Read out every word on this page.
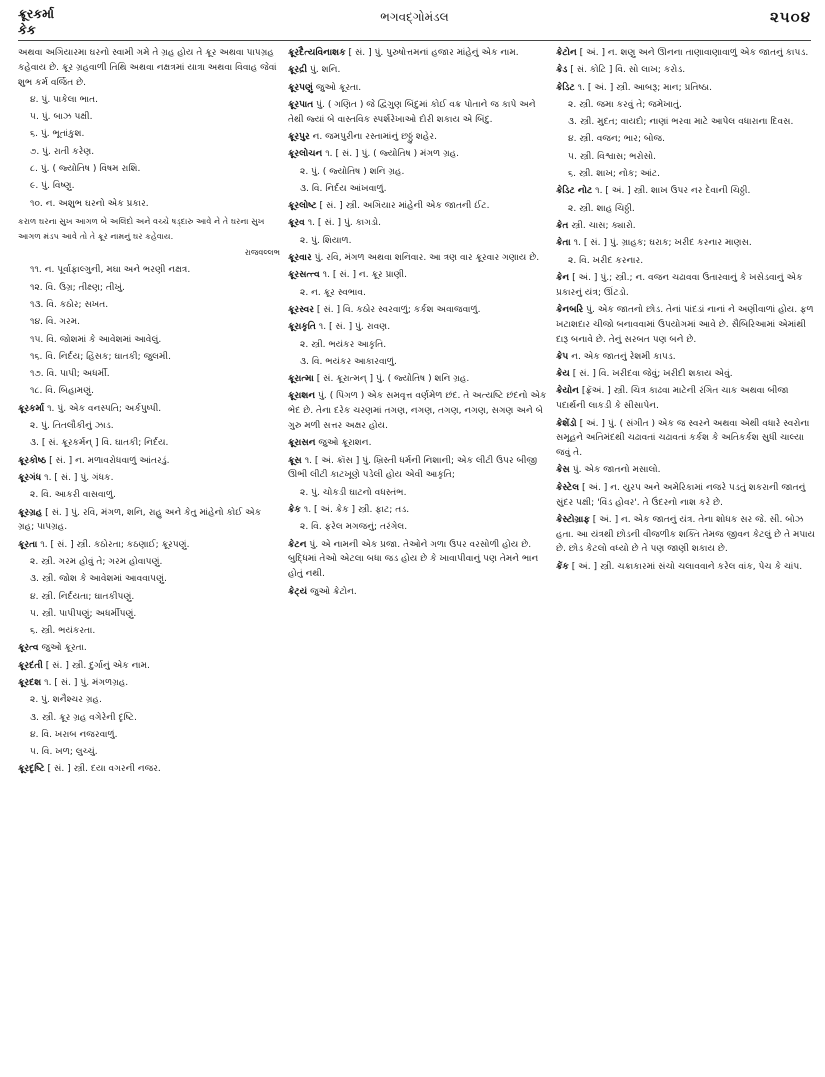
ક્રૂરકર્મા
કેક
ભગવદ્ગોમંડલ	૨૫૦૪

અથવા અગિયારમા ઘરનો સ્વામી ગમે તે ગ્રહ હોય તે ક્રૂર અથવા પાપગ્રહ કહેવાય છે. ક્રૂર ગ્રહવાળી તિથિ અથવા નક્ષત્રમાં યાત્રા અથવા વિવાહ જેવાં શુભ કર્મ વર્જિત છે.

૪. પું. પાકેલા ભાત.

૫. પું. બાઝ પક્ષી.

૬. પું. ભૂતાંકુશ.

૭. પું. રાતી કરેણ.

૮. પું. ( જ્યોતિષ ) વિષમ રાશિ.

૯. પું. વિષ્ણુ.

૧૦. ન. અશુભ ઘરનો એક પ્રકાર.

કરાળ ઘરના સુખ આગળ બે અલિંદો અને વચ્ચે ષડ્દારુ આવે ને તે ઘરના સુખ આગળ મંડપ આવે તો તે ક્રૂર નામનું ઘર કહેવાય.

રાજવલ્લભ

૧૧. ન. પૂર્વાફાલ્ગુની, મઘા અને ભરણી નક્ષત્ર.

૧૨. વિ. ઉગ્ર; તીક્ષ્ણ; તીખું.

૧૩. વિ. કઠોર; સખત.

૧૪. વિ. ગરમ.

૧૫. વિ. જોશમાં કે આવેશમાં આવેલું.

૧૬. વિ. નિર્દય; હિંસક; ઘાતકી; જુલમી.

૧૭. વિ. પાપી; અધર્મી.

૧૮. વિ. બિહામણું.

ક્રૂરકર્મા ૧. પું. એક વનસ્પતિ; અર્કપુષ્પી.

૨. પું. તિતલૌકીનું ઝાડ.

૩. [ સં. ક્રૂરકર્મન્ ] વિ. ઘાતકી; નિર્દય.

ક્રૂરકોષ્ઠ [ સં. ] ન. મળાવરોધવાળું આંતરડું.

ક્રૂરગંધ ૧. [ સં. ] પું. ગંધક.

૨. વિ. આકરી વાસવાળું.

ક્રૂરગ્રહ [ સં. ] પું. રવિ, મંગળ, શનિ, રાહુ અને કેતુ માંહેનો કોઈ એક ગ્રહ; પાપગ્રહ.

ક્રૂરતા ૧. [ સં. ] સ્ત્રી. કઠોરતા; કઠણાઈ; ક્રૂરપણું.

૨. સ્ત્રી. ગરમ હોવું તે; ગરમ હોવાપણું.

૩. સ્ત્રી. જોશ કે આવેશમાં આવવાપણું.

૪. સ્ત્રી. નિર્દયતા; ઘાતકીપણું.

૫. સ્ત્રી. પાપીપણું; અધર્મીપણું.

૬. સ્ત્રી. ભયંકરતા.

ક્રૂરત્વ જુઓ ક્રૂરતા.

ક્રૂરદંતી [ સં. ] સ્ત્રી. દુર્ગાનું એક નામ.

ક્રૂરદશ ૧. [ સં. ] પું. મંગળગ્રહ.

૨. પું. શનૈશ્ચર ગ્રહ.

૩. સ્ત્રી. ક્રૂર ગ્રહ વગેરેની દૃષ્ટિ.

૪. વિ. ખરાબ નજરવાળું.

૫. વિ. ખળ; લુચ્ચું.

ક્રૂરદૃષ્ટિ [ સં. ] સ્ત્રી. દયા વગરની નજર.

ક્રૂરદૈત્યવિનાશક [ સં. ] પું. પુરુષોત્તમનાં હજાર માંહેનું એક નામ.

ક્રૂરદ્રી પું. શનિ.

ક્રૂરપણું જુઓ ક્રૂરતા.

ક્રૂરપાત પું. ( ગણિત ) જે દ્વિગુણ બિંદુમાં કોઈ વક્ર પોતાને જ કાપે અને તેથી જ્યાં બે વાસ્તવિક સ્પર્શરેખાઓ દોરી શકાય એ બિંદુ.

ક્રૂરપુર ન. જમપુરીના રસ્તામાંનું છઠ્ઠું શહેર.

ક્રૂરલોચન ૧. [ સં. ] પું. ( જ્યોતિષ ) મંગળ ગ્રહ.

૨. પું. ( જ્યોતિષ ) શનિ ગ્રહ.

૩. વિ. નિર્દય આંખવાળું.

ક્રૂરલોષ્ટ [ સં. ] સ્ત્રી. અગિયાર માંહેની એક જાતની ઈંટ.

ક્રૂરવ ૧. [ સં. ] પું. કાગડો.

૨. પું. શિયાળ.

ક્રૂરવાર પું. રવિ, મંગળ અથવા શનિવાર. આ ત્રણ વાર ક્રૂરવાર ગણાય છે.

ક્રૂરસત્ત્વ ૧. [ સં. ] ન. ક્રૂર પ્રાણી.

૨. ન. ક્રૂર સ્વભાવ.

ક્રૂરસ્વર [ સં. ] વિ. કઠોર સ્વરવાળું; કર્કશ અવાજવાળું.

ક્રૂરાકૃતિ ૧. [ સં. ] પું. રાવણ.

૨. સ્ત્રી. ભયંકર આકૃતિ.

૩. વિ. ભયંકર આકારવાળું.

ક્રૂરાત્મા [ સં. ક્રૂરાત્મન્ ] પું. ( જ્યોતિષ ) શનિ ગ્રહ.

ક્રૂરાશન પું. ( પિંગળ ) એક સમવૃત્ત વર્ણમેળ છંદ. તે અત્યષ્ટિ છંદનો એક ભેદ છે. તેના દરેક ચરણમાં તગણ, નગણ, તગણ, નગણ, સગણ અને બે ગુરુ મળી સત્તર અક્ષર હોય.

ક્રૂરાસન જુઓ ક્રૂરાશન.

ક્રૂસ ૧. [ અં. ક્રૉસ ] પું. ખ્રિસ્તી ધર્મની નિશાની; એક લીટી ઉપર બીજી ઊભી લીટી કાટખૂણે પડેલી હોય એવી આકૃતિ;

૨. પું. ચોકડી ઘાટનો વધસ્તંભ.

ક્રેક ૧. [ અં. ક્રેક ] સ્ત્રી. ફાટ; તડ.

૨. વિ. ફરેલ મગજનું; તરંગેલ.

ક્રેટન પું. એ નામની એક પ્રજા. તેઓને ગળા ઉપર વરસોળી હોય છે. બુદ્ધિમાં તેઓ એટલા બધા જડ હોય છે કે ખાવાપીવાનું પણ તેમને ભાન હોતું નથી.

ક્રેટ્યં જુઓ ક્રેટોન.

ક્રેટોન [ અં. ] ન. શણુ અને ઊનના તાણાવાણાવાળું એક જાતનું કાપડ.

ક્રેડ [ સં. કોટિ ] વિ. સો લાખ; કરોડ.

ક્રેડિટ ૧. [ અં. ] સ્ત્રી. આબરૂ; માન; પ્રતિષ્ઠા.

૨. સ્ત્રી. જમા કરવું તે; જમેખાતું.

૩. સ્ત્રી. મુદત; વાયદો; નાણાં ભરવા માટે આપેલ વધારાના દિવસ.

૪. સ્ત્રી. વજન; ભાર; બોજ.

૫. સ્ત્રી. વિશ્વાસ; ભરોસો.

૬. સ્ત્રી. શાખ; નોક; આંટ.

ક્રેડિટ નોટ ૧. [ અં. ] સ્ત્રી. શાખ ઉપર નર દેવાની ચિઠ્ઠી.

૨. સ્ત્રી. શાહ ચિઠ્ઠી.

ક્રેત સ્ત્રી. ચાસ; ક્યારો.

ક્રેતા ૧. [ સં. ] પું. ગ્રાહક; ઘરાક; ખરીદ કરનાર માણસ.

૨. વિ. ખરીદ કરનાર.

ક્રેન [ અં. ] પું.; સ્ત્રી.; ન. વજન ચઢાવવા ઉતારવાનું કે ખસેડવાનું એક પ્રકારનું યંત્ર; ઊંટડો.

ક્રેનબરિ પું. એક જાતનો છોડ. તેનાં પાંદડાં નાનાં ને અણીવાળાં હોય. ફળ ખટાશદાર ચીજો બનાવવામાં ઉપયોગમાં આવે છે. સૈબિરિઆમાં એમાંથી દારૂ બનાવે છે. તેનું સરબત પણ બને છે.

ક્રેપ ન. એક જાતનું રેશમી કાપડ.

ક્રેય [ સં. ] વિ. ખરીદવા જેવું; ખરીદી શકાય એવું.

ક્રેયોન [ફ્રૅઅં. ] સ્ત્રી. ચિત્ર કાઢવા માટેની રંગિત ચાક અથવા બીજા પદાર્થની લાકડી કે સીસાપેન.

ક્રેશેંડો [ અં. ] પું. ( સંગીત ) એક જ સ્વરને અથવા એથી વધારે સ્વરોના સમૂહને અતિમંદથી ચઢાવતાં ચઢાવતાં કર્કશ કે અતિકર્કશ સુધી ચાલ્યા જવું તે.

ક્રેસ પું. એક જાતનો મસાલો.

ક્રેસ્ટેલ [ અં. ] ન. યુરપ અને અમેરિકામાં નજરે પડતું શકરાની જાતનું સુંદર પક્ષી; 'વિંડ હોવર'. તે ઉંદરનો નાશ કરે છે.

ક્રેસ્ટોગ્રાફ [ અં. ] ન. એક જાતનું યંત્ર. તેના શોધક સર જે. સી. બોઝ હતા. આ યંત્રથી છોડની વીજળીક શક્તિ તેમજ જીવન કેટલું છે તે મપાય છે. છોડ કેટલો વધ્યો છે તે પણ જાણી શકાય છે.

ક્રેંક [ અં. ] સ્ત્રી. ચક્રાકારમાં સંચો ચલાવવાને કરેલ વાંક, પેચ કે ચાંપ.
